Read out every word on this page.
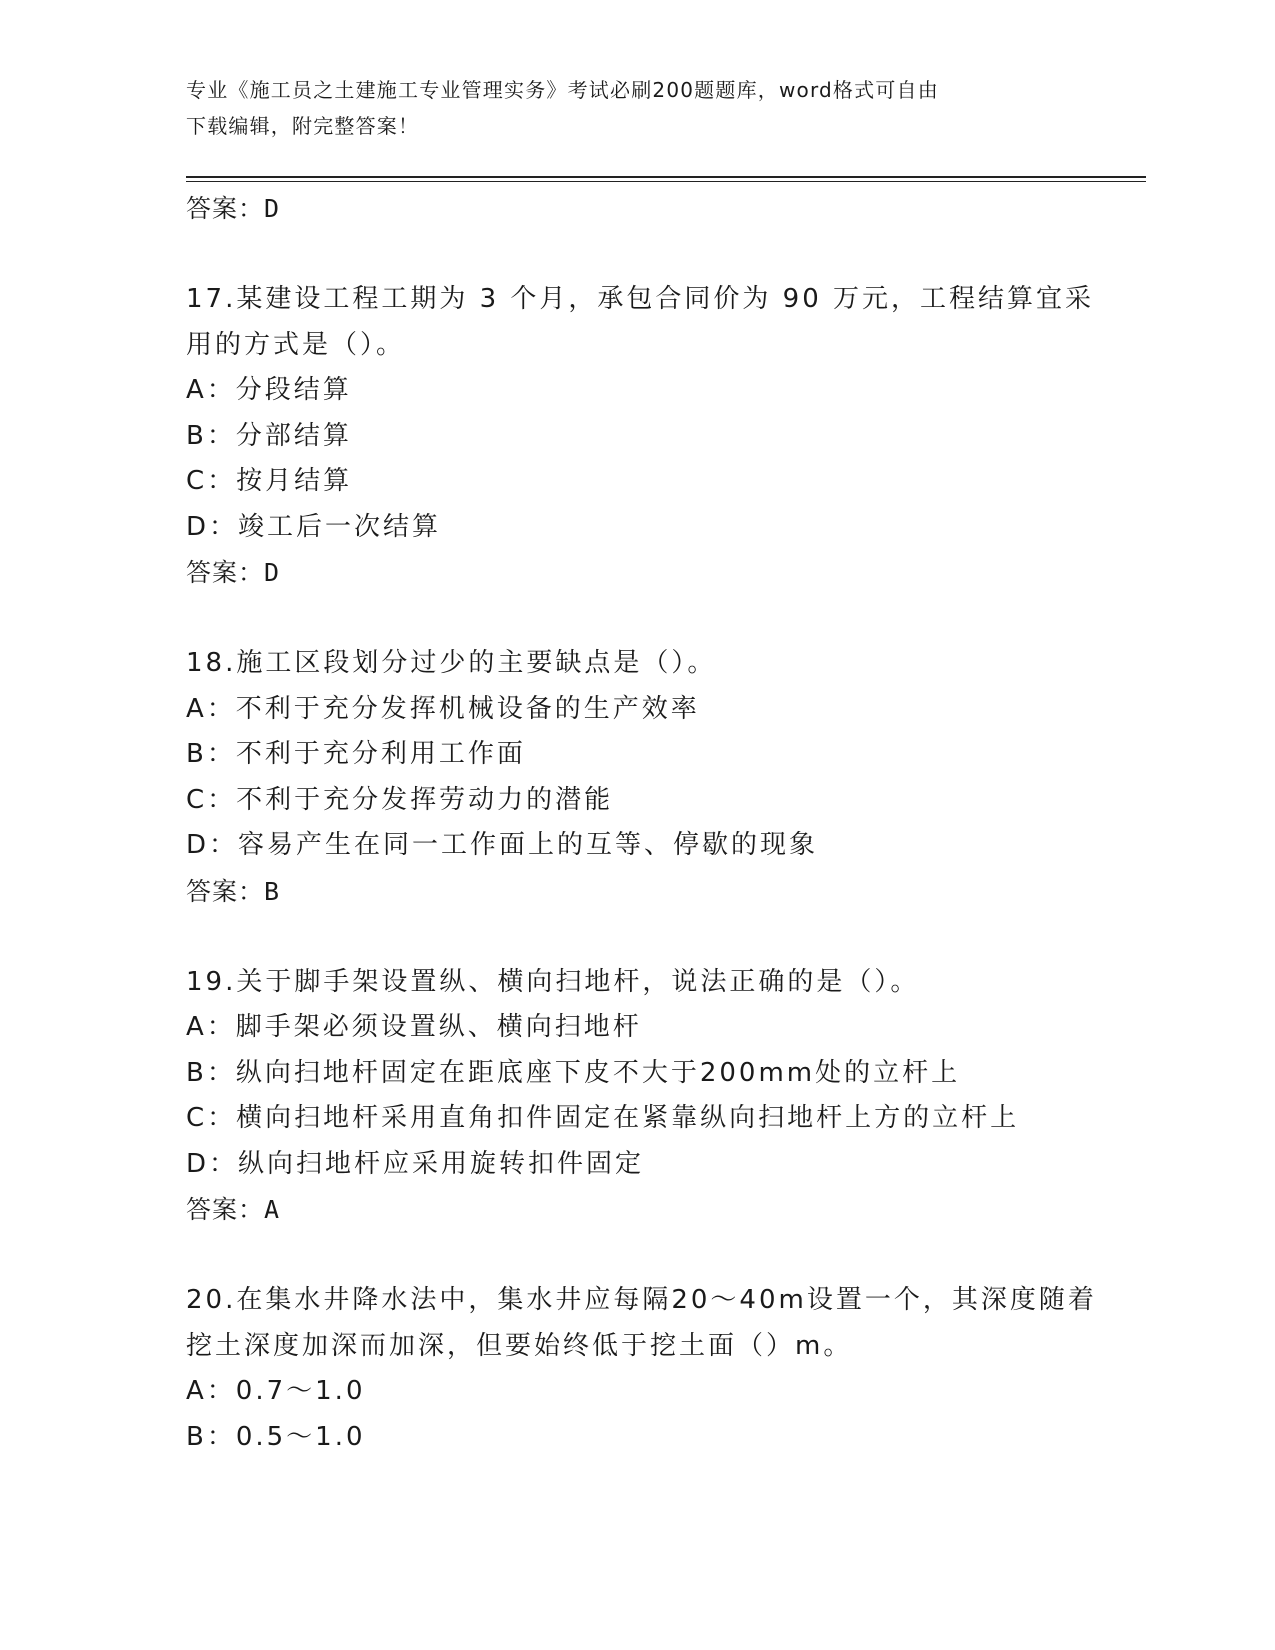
专业《施工员之土建施工专业管理实务》考试必刷200题题库，word格式可自由
下载编辑，附完整答案！
答案：D
17.某建设工程工期为 3 个月，承包合同价为 90 万元，工程结算宜采
用的方式是（）。
A：分段结算
B：分部结算
C：按月结算
D：竣工后一次结算
答案：D
18.施工区段划分过少的主要缺点是（）。
A：不利于充分发挥机械设备的生产效率
B：不利于充分利用工作面
C：不利于充分发挥劳动力的潜能
D：容易产生在同一工作面上的互等、停歇的现象
答案：B
19.关于脚手架设置纵、横向扫地杆，说法正确的是（）。
A：脚手架必须设置纵、横向扫地杆
B：纵向扫地杆固定在距底座下皮不大于200mm处的立杆上
C：横向扫地杆采用直角扣件固定在紧靠纵向扫地杆上方的立杆上
D：纵向扫地杆应采用旋转扣件固定
答案：A
20.在集水井降水法中，集水井应每隔20～40m设置一个，其深度随着
挖土深度加深而加深，但要始终低于挖土面（）m。
A：0.7～1.0
B：0.5～1.0
